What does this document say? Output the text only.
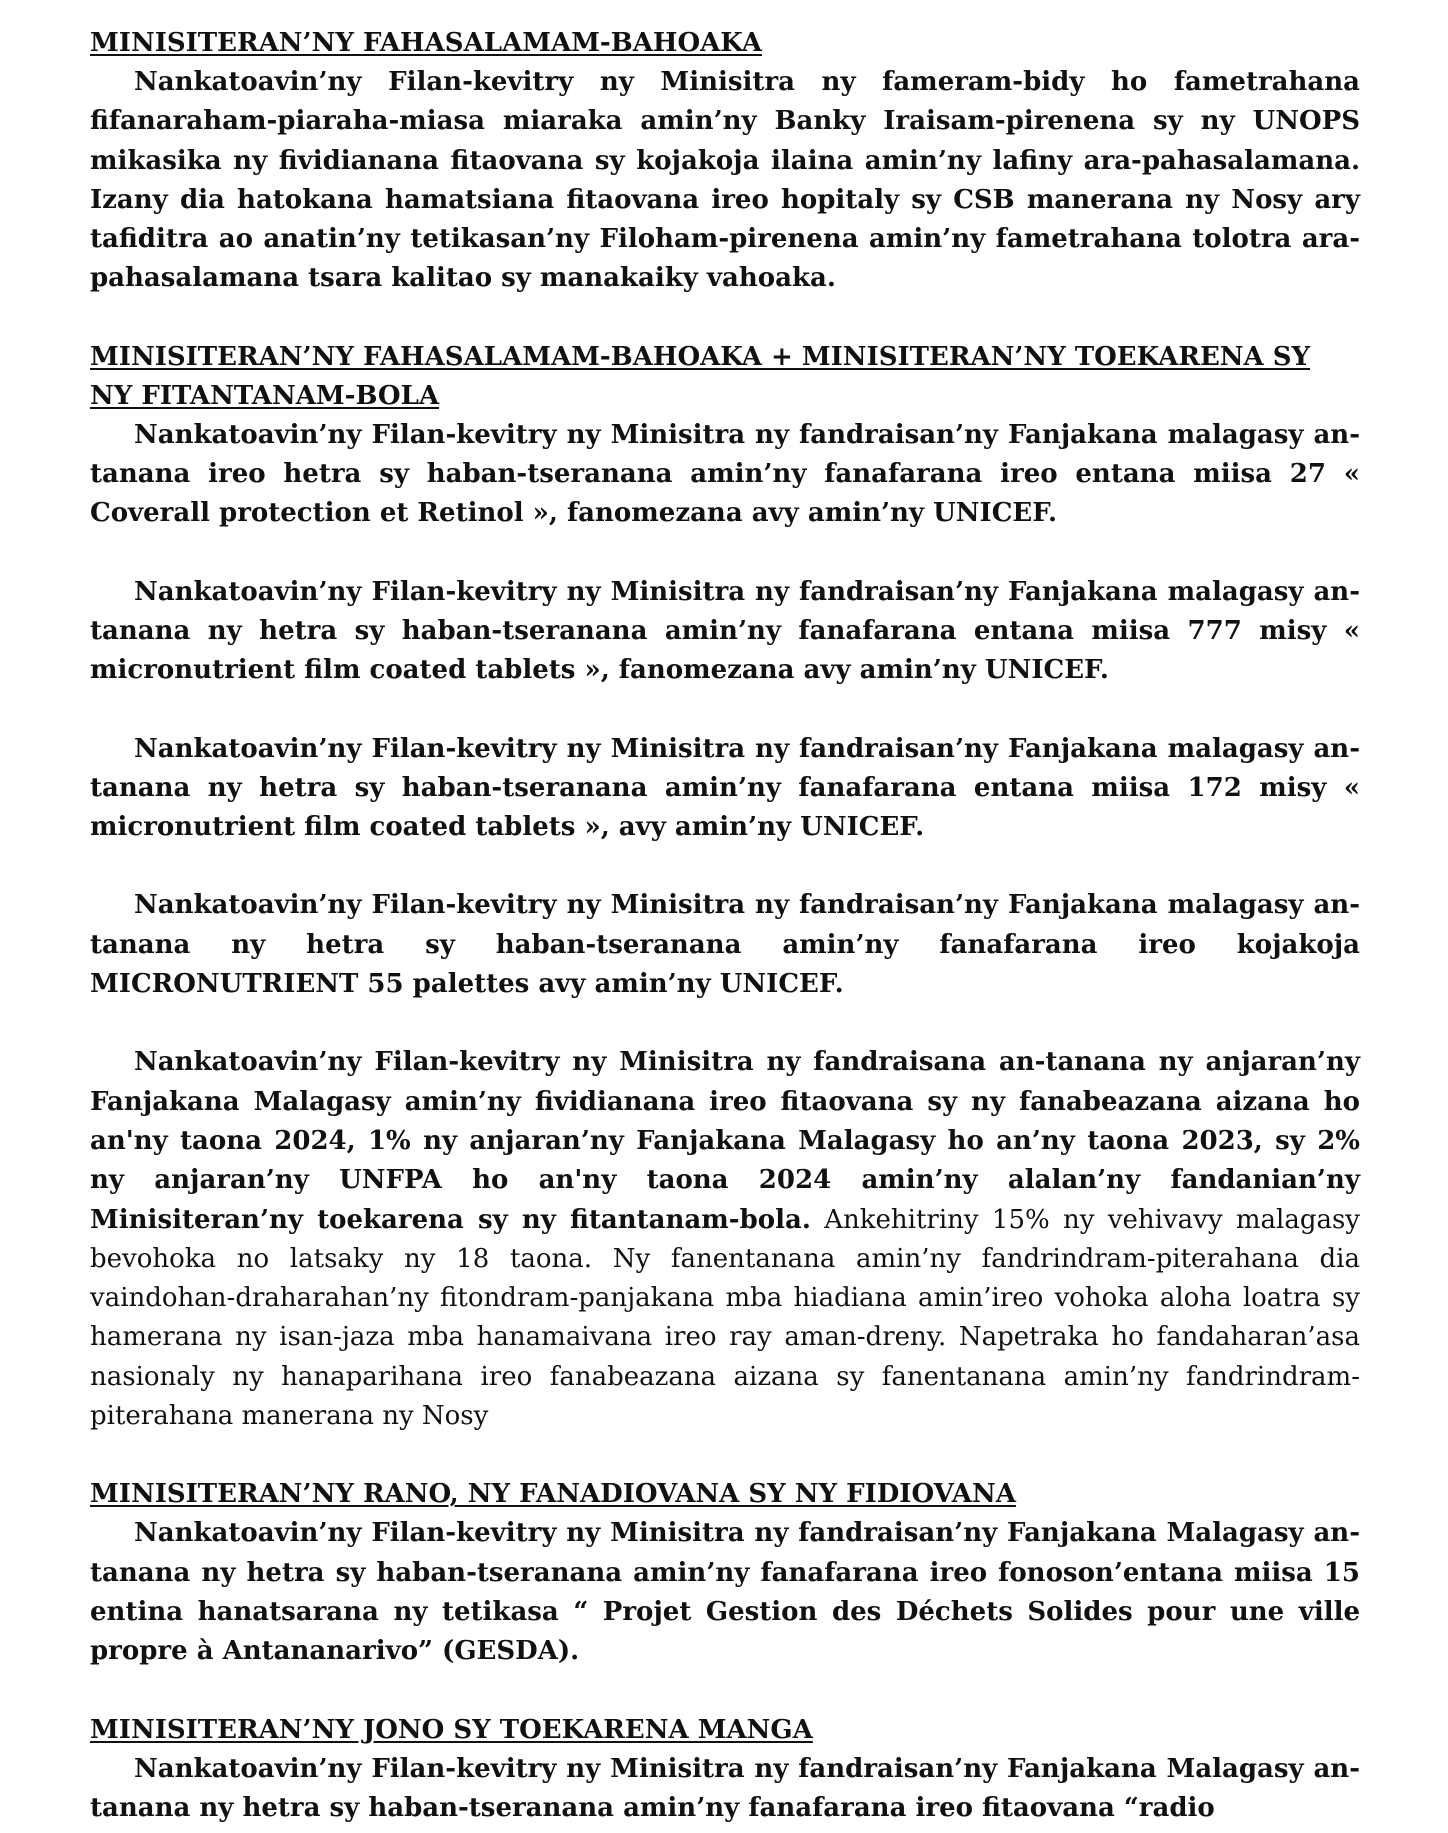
MINISITERAN’NY FAHASALAMAM-BAHOAKA

Nankatoavin’ny Filan-kevitry ny Minisitra ny fameram-bidy ho fametrahana fifanaraham-piaraha-miasa miaraka amin’ny Banky Iraisam-pirenena sy ny UNOPS mikasika ny fividianana fitaovana sy kojakoja ilaina amin’ny lafiny ara-pahasalamana. Izany dia hatokana hamatsiana fitaovana ireo hopitaly sy CSB manerana ny Nosy ary tafiditra ao anatin’ny tetikasan’ny Filoham-pirenena amin’ny fametrahana tolotra ara-pahasalamana tsara kalitao sy manakaiky vahoaka.

MINISITERAN’NY FAHASALAMAM-BAHOAKA + MINISITERAN’NY TOEKARENA SY NY FITANTANAM-BOLA

Nankatoavin’ny Filan-kevitry ny Minisitra ny fandraisan’ny Fanjakana malagasy an-tanana ireo hetra sy haban-tseranana amin’ny fanafarana ireo entana miisa 27 « Coverall protection et Retinol », fanomezana avy amin’ny UNICEF.

Nankatoavin’ny Filan-kevitry ny Minisitra ny fandraisan’ny Fanjakana malagasy an-tanana ny hetra sy haban-tseranana amin’ny fanafarana entana miisa 777 misy « micronutrient film coated tablets », fanomezana avy amin’ny UNICEF.

Nankatoavin’ny Filan-kevitry ny Minisitra ny fandraisan’ny Fanjakana malagasy an-tanana ny hetra sy haban-tseranana amin’ny fanafarana entana miisa 172 misy « micronutrient film coated tablets », avy amin’ny UNICEF.

Nankatoavin’ny Filan-kevitry ny Minisitra ny fandraisan’ny Fanjakana malagasy an-tanana ny hetra sy haban-tseranana amin’ny fanafarana ireo kojakoja MICRONUTRIENT 55 palettes avy amin’ny UNICEF.

Nankatoavin’ny Filan-kevitry ny Minisitra ny fandraisana an-tanana ny anjaran’ny Fanjakana Malagasy amin’ny fividianana ireo fitaovana sy ny fanabeazana aizana ho an'ny taona 2024, 1% ny anjaran’ny Fanjakana Malagasy ho an’ny taona 2023, sy 2% ny anjaran’ny UNFPA ho an'ny taona 2024 amin’ny alalan’ny fandanian’ny Minisiteran’ny toekarena sy ny fitantanam-bola. Ankehitriny 15% ny vehivavy malagasy bevohoka no latsaky ny 18 taona. Ny fanentanana amin’ny fandrindram-piterahana dia vaindohan-draharahan’ny fitondram-panjakana mba hiadiana amin’ireo vohoka aloha loatra sy hamerana ny isan-jaza mba hanamaivana ireo ray aman-dreny. Napetraka ho fandaharan’asa nasionaly ny hanaparihana ireo fanabeazana aizana sy fanentanana amin’ny fandrindram-piterahana manerana ny Nosy

MINISITERAN’NY RANO, NY FANADIOVANA SY NY FIDIOVANA

Nankatoavin’ny Filan-kevitry ny Minisitra ny fandraisan’ny Fanjakana Malagasy an-tanana ny hetra sy haban-tseranana amin’ny fanafarana ireo fonoson’entana miisa 15 entina hanatsarana ny tetikasa “ Projet Gestion des Déchets Solides pour une ville propre à Antananarivo” (GESDA).

MINISITERAN’NY JONO SY TOEKARENA MANGA

Nankatoavin’ny Filan-kevitry ny Minisitra ny fandraisan’ny Fanjakana Malagasy an-tanana ny hetra sy haban-tseranana amin’ny fanafarana ireo fitaovana “radio
